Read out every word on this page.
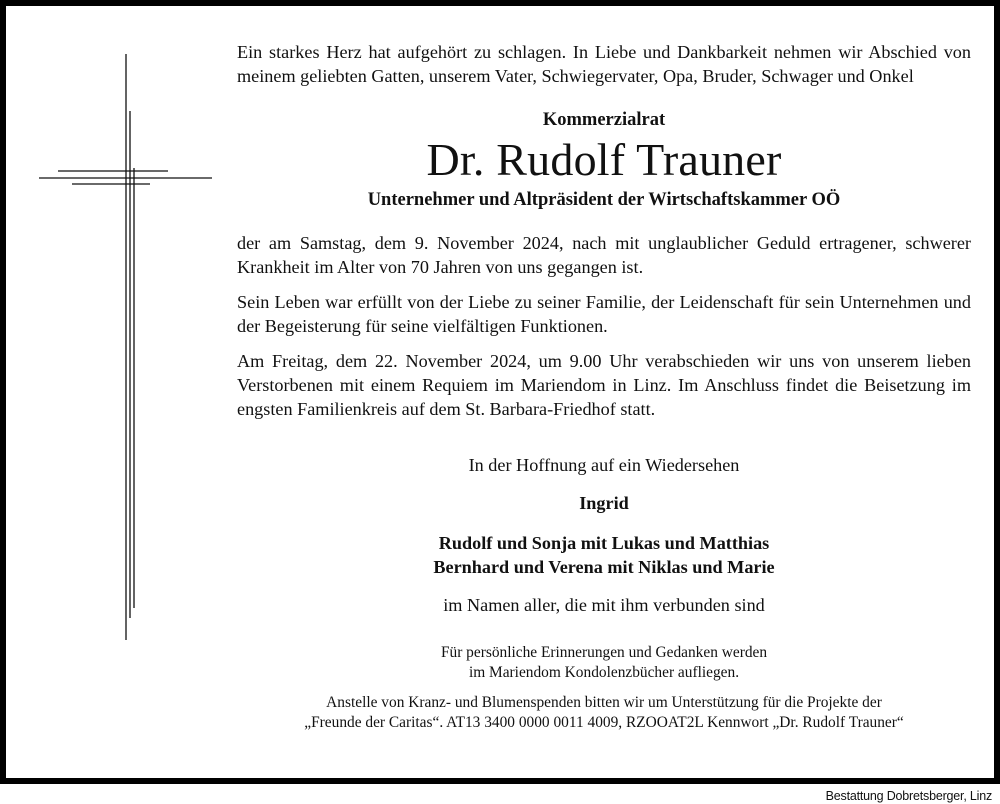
Ein starkes Herz hat aufgehört zu schlagen. In Liebe und Dankbarkeit nehmen wir Abschied von meinem geliebten Gatten, unserem Vater, Schwiegervater, Opa, Bruder, Schwager und Onkel

Kommerzialrat
Dr. Rudolf Trauner
Unternehmer und Altpräsident der Wirtschaftskammer OÖ

der am Samstag, dem 9. November 2024, nach mit unglaublicher Geduld ertragener, schwerer Krankheit im Alter von 70 Jahren von uns gegangen ist.

Sein Leben war erfüllt von der Liebe zu seiner Familie, der Leidenschaft für sein Unternehmen und der Begeisterung für seine vielfältigen Funktionen.

Am Freitag, dem 22. November 2024, um 9.00 Uhr verabschieden wir uns von unserem lieben Verstorbenen mit einem Requiem im Mariendom in Linz. Im Anschluss findet die Beisetzung im engsten Familienkreis auf dem St. Barbara-Friedhof statt.

In der Hoffnung auf ein Wiedersehen
Ingrid
Rudolf und Sonja mit Lukas und Matthias
Bernhard und Verena mit Niklas und Marie
im Namen aller, die mit ihm verbunden sind
Für persönliche Erinnerungen und Gedanken werden
im Mariendom Kondolenzbücher aufliegen.
Anstelle von Kranz- und Blumenspenden bitten wir um Unterstützung für die Projekte der
„Freunde der Caritas“. AT13 3400 0000 0011 4009, RZOOAT2L Kennwort „Dr. Rudolf Trauner“
Bestattung Dobretsberger, Linz
